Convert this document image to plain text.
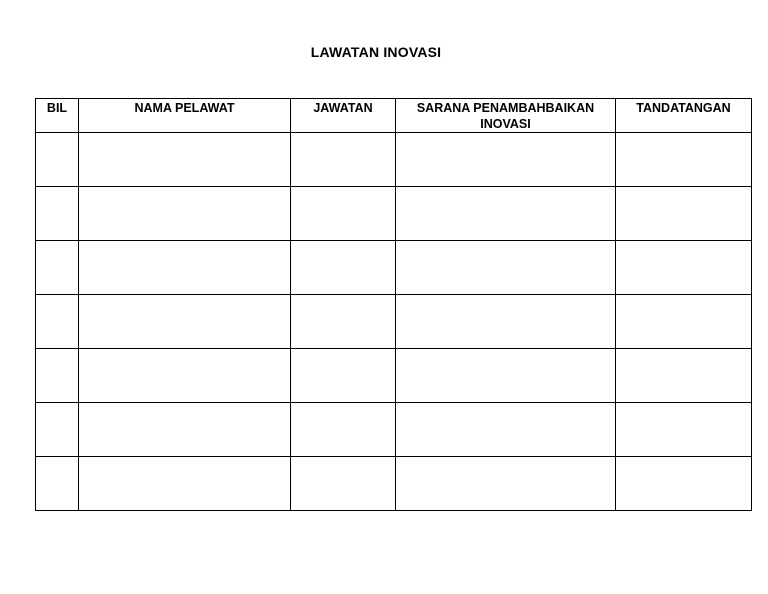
LAWATAN INOVASI
BIL	NAMA PELAWAT	JAWATAN	SARANA PENAMBAHBAIKAN INOVASI	TANDATANGAN
